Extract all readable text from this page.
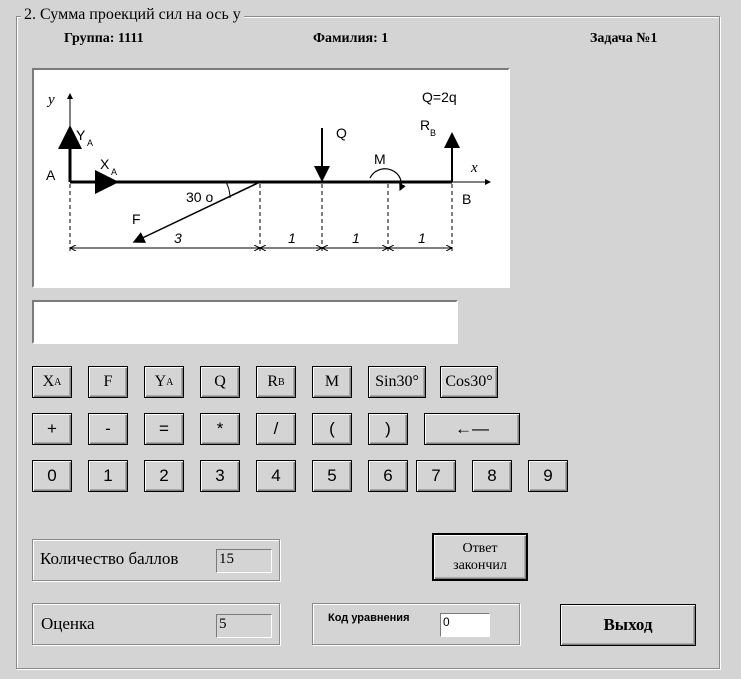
2. Сумма проекций сил на ось y
Группа: 1111	Фамилия: 1	Задача №1
y
x
Y A
A
X A
Q
Q=2q
M
R B
B
F
30 o
3	1	1	1
X A	F	Y A	Q	R B	M Sin30° Cos30°
+	-	=	*	/	(	)	←—
0	1	2	3	4	5	6	7	8	9
Количество баллов	15
Ответ
закончил
Оценка	5	Код уравнения	0	Выход
